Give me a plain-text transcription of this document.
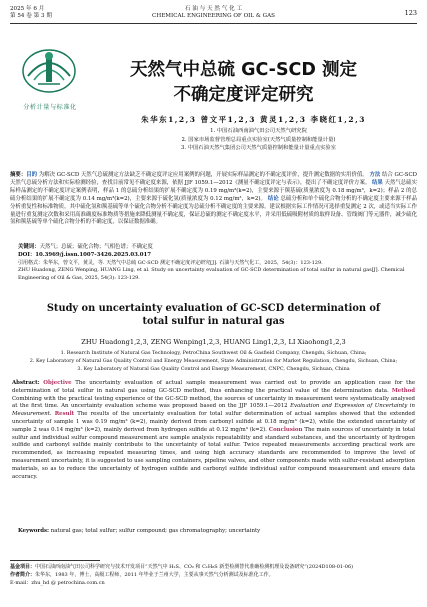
2025 年 6 月
第 54 卷 第 3 期
石 油 与 天 然 气 化 工
CHEMICAL ENGINEERING OF OIL & GAS	123
分析计量与标准化
天然气中总硫 GC-SCD 测定
不确定度评定研究
朱华东1,2,3 曾文平1,2,3 黄灵1,2,3 李晓红1,2,3
1. 中国石油西南油气田公司天然气研究院
2. 国家市场监督管理总局重点实验室(天然气质量控制和能量计量)
3. 中国石油天然气集团公司天然气质量控制和能量计量重点实验室
摘要：目的 为解决 GC-SCD 天然气总硫测定方法缺乏不确定度评定应用案例的问题，开展实际样品测定的不确定度评价，提升测定数据的实用价值。 方法 结合 GC-SCD 天然气总硫分析方法和实际检测经验，查找目前常见不确定度来源，依据 JJF 1059.1—2012《测量不确定度评定与表示》，提出了不确定度评价方案。 结果 天然气总硫实际样品测定的不确定度评定案例表明，样品 1 的总硫分析结果的扩展不确定度为 0.19 mg/m³(k=2)，主要来源于羰基硫(质量浓度为 0.18 mg/m³，k=2)；样品 2 的总硫分析结果的扩展不确定度为 0.14 mg/m³(k=2)，主要来源于硫化氢(质量浓度为 0.12 mg/m³，k=2)。 结论 总硫分析和单个硫化合物分析的不确定度主要来源于样品分析重复性和标准物质，其中硫化氢和羰基硫等单个硫化合物分析不确定度为总硫分析不确定度的主要来源。建议根据实际工作情况可选择重复测定 2 次，或适当实际工作量进行重复测定次数和采用高准确度标准物质等措施来降低测量不确定度，保证总硫的测定不确定度水平，并采用低硫吸附材质的取样设备、管线阀门等元器件，减少硫化氢和羰基硫等单个硫化合物分析的不确定度，以保证数据准确。
关键词：天然气；总硫；硫化合物；气相色谱；不确定度
DOI：10.3969/j.issn.1007-3426.2025.03.017
引用格式：朱华东，曾文平，黄灵，等. 天然气中总硫 GC-SCD 测定不确定度评定研究[J]. 石油与天然气化工，2025，54(3)：123-129.
ZHU Huadong, ZENG Wenping, HUANG Ling, et al. Study on uncertainty evaluation of GC-SCD determination of total sulfur in natural gas[J]. Chemical Engineering of Oil & Gas, 2025, 54(3): 123-129.
Study on uncertainty evaluation of GC-SCD determination of
total sulfur in natural gas
ZHU Huadong1,2,3, ZENG Wenping1,2,3, HUANG Ling1,2,3, LI Xiaohong1,2,3
1. Research Institute of Natural Gas Technology, PetroChina Southwest Oil & Gasfield Company, Chengdu, Sichuan, China;
2. Key Laboratory of Natural Gas Quality Control and Energy Measurement, State Administration for Market Regulation, Chengdu, Sichuan, China;
3. Key Laboratory of Natural Gas Quality Control and Energy Measurement, CNPC, Chengdu, Sichuan, China
Abstract: Objective The uncertainty evaluation of actual sample measurement was carried out to provide an application case for the determination of total sulfur in natural gas using GC-SCD method, thus enhancing the practical value of the determination data. Method Combining with the practical testing experience of the GC-SCD method, the sources of uncertainty in measurement were systematically analysed at the first time. An uncertainty evaluation scheme was proposed based on the JJF 1059.1—2012 Evaluation and Expression of Uncertainty in Measurement. Result The results of the uncertainty evaluation for total sulfur determination of actual samples showed that the extended uncertainty of sample 1 was 0.19 mg/m³ (k=2), mainly derived from carbonyl sulfide at 0.18 mg/m³ (k=2), while the extended uncertainty of sample 2 was 0.14 mg/m³ (k=2), mainly derived from hydrogen sulfide at 0.12 mg/m³ (k=2). Conclusion The main sources of uncertainty in total sulfur and individual sulfur compound measurement are sample analysis repeatability and standard substances, and the uncertainty of hydrogen sulfide and carbonyl sulfide mainly contribute to the uncertainty of total sulfur. Twice repeated measurements according practical work are recommended, as increasing repeated measuring times, and using high accuracy standards are recommended to improve the level of measurement uncertainty, it is suggested to use sampling containers, pipeline valves, and other components made with sulfur-resistant adsorption materials, so as to reduce the uncertainty of hydrogen sulfide and carbonyl sulfide individual sulfur compound measurement and ensure data accuracy.
Keywords: natural gas; total sulfur; sulfur compound; gas chromatography; uncertainty
基金项目：中国石油西南油气田公司科学研究与技术开发项目“天然气中 H₂S、CO₂ 和 C₁H₈S 新型检测替代准确检测机理及设备研究”(2024D108-01-06)
作者简介：朱华东，1983 年，博士，高级工程师，2011 年毕业于兰州大学，主要从事天然气分析测试及标准化工作。
E-mail：zhu_hd @ petrochina.com.cn
